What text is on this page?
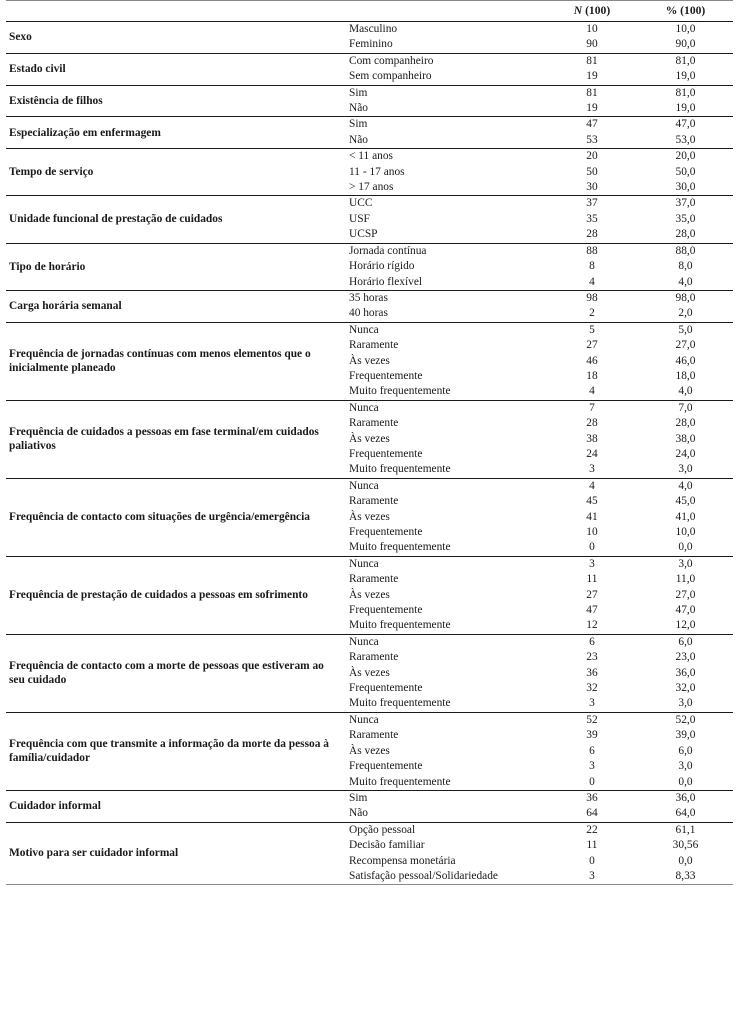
		N (100)	% (100)
Sexo	Masculino	10	10,0
	Feminino	90	90,0
Estado civil	Com companheiro	81	81,0
	Sem companheiro	19	19,0
Existência de filhos	Sim	81	81,0
	Não	19	19,0
Especialização em enfermagem	Sim	47	47,0
	Não	53	53,0
Tempo de serviço	< 11 anos	20	20,0
	11 - 17 anos	50	50,0
	> 17 anos	30	30,0
Unidade funcional de prestação de cuidados	UCC	37	37,0
	USF	35	35,0
	UCSP	28	28,0
Tipo de horário	Jornada contínua	88	88,0
	Horário rígido	8	8,0
	Horário flexível	4	4,0
Carga horária semanal	35 horas	98	98,0
	40 horas	2	2,0
Frequência de jornadas contínuas com menos elementos que o inicialmente planeado	Nunca	5	5,0
	Raramente	27	27,0
	Às vezes	46	46,0
	Frequentemente	18	18,0
	Muito frequentemente	4	4,0
Frequência de cuidados a pessoas em fase terminal/em cuidados paliativos	Nunca	7	7,0
	Raramente	28	28,0
	Às vezes	38	38,0
	Frequentemente	24	24,0
	Muito frequentemente	3	3,0
Frequência de contacto com situações de urgência/emergência	Nunca	4	4,0
	Raramente	45	45,0
	Às vezes	41	41,0
	Frequentemente	10	10,0
	Muito frequentemente	0	0,0
Frequência de prestação de cuidados a pessoas em sofrimento	Nunca	3	3,0
	Raramente	11	11,0
	Às vezes	27	27,0
	Frequentemente	47	47,0
	Muito frequentemente	12	12,0
Frequência de contacto com a morte de pessoas que estiveram ao seu cuidado	Nunca	6	6,0
	Raramente	23	23,0
	Às vezes	36	36,0
	Frequentemente	32	32,0
	Muito frequentemente	3	3,0
Frequência com que transmite a informação da morte da pessoa à família/cuidador	Nunca	52	52,0
	Raramente	39	39,0
	Às vezes	6	6,0
	Frequentemente	3	3,0
	Muito frequentemente	0	0,0
Cuidador informal	Sim	36	36,0
	Não	64	64,0
Motivo para ser cuidador informal	Opção pessoal	22	61,1
	Decisão familiar	11	30,56
	Recompensa monetária	0	0,0
	Satisfação pessoal/Solidariedade	3	8,33
